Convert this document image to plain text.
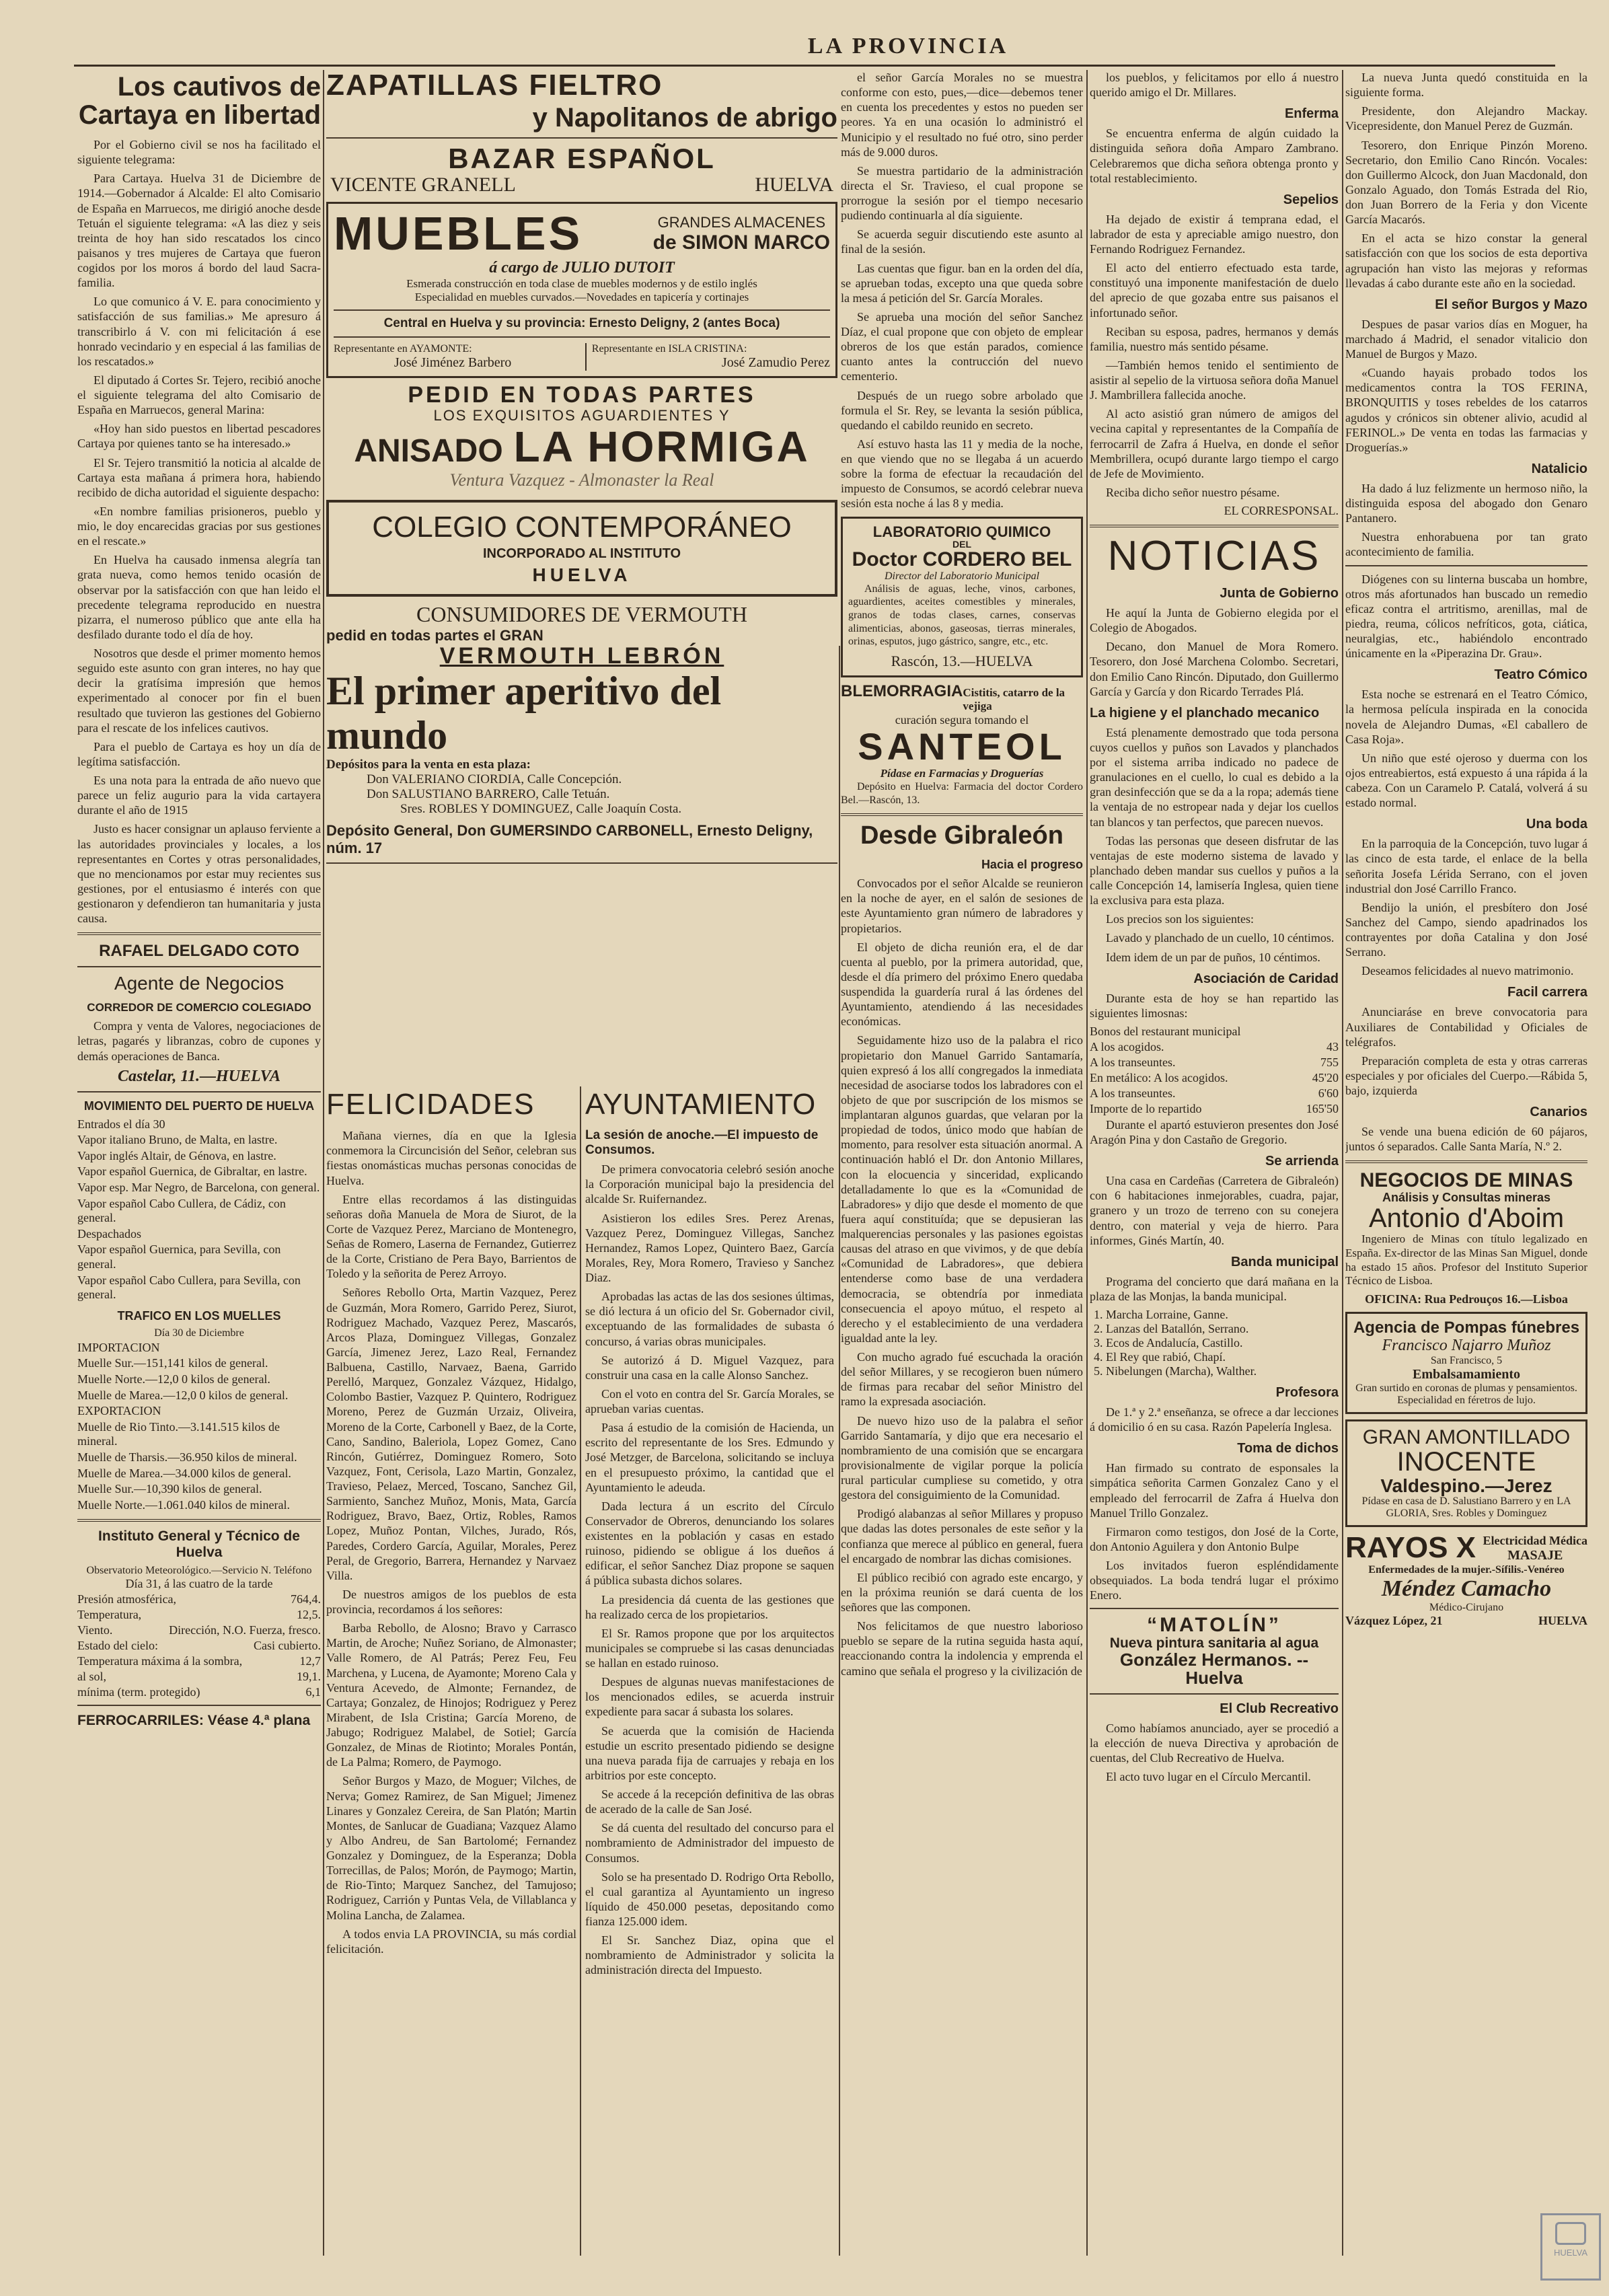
LA PROVINCIA
Los cautivos de Cartaya en libertad

Por el Gobierno civil se nos ha facilitado el siguiente telegrama:

Para Cartaya. Huelva 31 de Diciembre de 1914.—Gobernador á Alcalde: El alto Comisario de España en Marruecos, me dirigió anoche desde Tetuán el siguiente telegrama: «A las diez y seis treinta de hoy han sido rescatados los cinco paisanos y tres mujeres de Cartaya que fueron cogidos por los moros á bordo del laud Sacra-familia.

Lo que comunico á V. E. para conocimiento y satisfacción de sus familias.» Me apresuro á transcribirlo á V. con mi felicitación á ese honrado vecindario y en especial á las familias de los rescatados.»

El diputado á Cortes Sr. Tejero, recibió anoche el siguiente telegrama del alto Comisario de España en Marruecos, general Marina:

«Hoy han sido puestos en libertad pescadores Cartaya por quienes tanto se ha interesado.»

El Sr. Tejero transmitió la noticia al alcalde de Cartaya esta mañana á primera hora, habiendo recibido de dicha autoridad el siguiente despacho:

«En nombre familias prisioneros, pueblo y mio, le doy encarecidas gracias por sus gestiones en el rescate.»

En Huelva ha causado inmensa alegría tan grata nueva, como hemos tenido ocasión de observar por la satisfacción con que han leido el precedente telegrama reproducido en nuestra pizarra, el numeroso público que ante ella ha desfilado durante todo el día de hoy.

Nosotros que desde el primer momento hemos seguido este asunto con gran interes, no hay que decir la gratísima impresión que hemos experimentado al conocer por fin el buen resultado que tuvieron las gestiones del Gobierno para el rescate de los infelices cautivos.

Para el pueblo de Cartaya es hoy un día de legítima satisfacción.

Es una nota para la entrada de año nuevo que parece un feliz augurio para la vida cartayera durante el año de 1915

Justo es hacer consignar un aplauso ferviente a las autoridades provinciales y locales, a los representantes en Cortes y otras personalidades, que no mencionamos por estar muy recientes sus gestiones, por el entusiasmo é interés con que gestionaron y defendieron tan humanitaria y justa causa.

RAFAEL DELGADO COTO
Agente de Negocios
CORREDOR DE COMERCIO COLEGIADO

Compra y venta de Valores, negociaciones de letras, pagarés y libranzas, cobro de cupones y demás operaciones de Banca.

Castelar, 11.—HUELVA
MOVIMIENTO DEL PUERTO DE HUELVA
Entrados el día 30
Vapor italiano Bruno, de Malta, en lastre.
Vapor inglés Altair, de Génova, en lastre.
Vapor español Guernica, de Gibraltar, en lastre.
Vapor esp. Mar Negro, de Barcelona, con general.
Vapor español Cabo Cullera, de Cádiz, con general.
Despachados
Vapor español Guernica, para Sevilla, con general.
Vapor español Cabo Cullera, para Sevilla, con general.
TRAFICO EN LOS MUELLES
Día 30 de Diciembre
IMPORTACION
Muelle Sur.—151,141 kilos de general.
Muelle Norte.—12,0 0 kilos de general.
Muelle de Marea.—12,0 0 kilos de general.
EXPORTACION
Muelle de Rio Tinto.—3.141.515 kilos de mineral.
Muelle de Tharsis.—36.950 kilos de mineral.
Muelle de Marea.—34.000 kilos de general.
Muelle Sur.—10,390 kilos de general.
Muelle Norte.—1.061.040 kilos de mineral.
Instituto General y Técnico de Huelva
Observatorio Meteorológico.—Servicio N. Teléfono
Día 31, á las cuatro de la tarde
Presión atmosférica,	764,4.
Temperatura,	12,5.
Viento.	Dirección, N.O. Fuerza, fresco.
Estado del cielo:	Casi cubierto.
Temperatura máxima á la sombra,	12,7
al sol,	19,1.
mínima (term. protegido)	6,1
FERROCARRILES: Véase 4.ª plana
ZAPATILLAS FIELTRO
y Napolitanos de abrigo
BAZAR ESPAÑOL
VICENTE GRANELL	HUELVA
MUEBLES	GRANDES ALMACENES
de SIMON MARCO
á cargo de JULIO DUTOIT
Esmerada construcción en toda clase de muebles modernos y de estilo inglés
Especialidad en muebles curvados.—Novedades en tapicería y cortinajes
Central en Huelva y su provincia: Ernesto Deligny, 2 (antes Boca)
Representante en AYAMONTE:
José Jiménez Barbero
Representante en ISLA CRISTINA:
José Zamudio Perez
PEDID EN TODAS PARTES
LOS EXQUISITOS AGUARDIENTES Y
ANISADO LA HORMIGA
Ventura Vazquez - Almonaster la Real
COLEGIO CONTEMPORÁNEO
INCORPORADO AL INSTITUTO
HUELVA
CONSUMIDORES DE VERMOUTH
pedid en todas partes el GRAN
VERMOUTH LEBRÓN
El primer aperitivo del mundo
Depósitos para la venta en esta plaza:
Don VALERIANO CIORDIA, Calle Concepción.
Don SALUSTIANO BARRERO, Calle Tetuán.
Sres. ROBLES Y DOMINGUEZ, Calle Joaquín Costa.
Depósito General, Don GUMERSINDO CARBONELL, Ernesto Deligny, núm. 17
FELICIDADES

Mañana viernes, día en que la Iglesia conmemora la Circuncisión del Señor, celebran sus fiestas onomásticas muchas personas conocidas de Huelva.

Entre ellas recordamos á las distinguidas señoras doña Manuela de Mora de Siurot, de la Corte de Vazquez Perez, Marciano de Montenegro, Señas de Romero, Laserna de Fernandez, Gutierrez de la Corte, Cristiano de Pera Bayo, Barrientos de Toledo y la señorita de Perez Arroyo.

Señores Rebollo Orta, Martin Vazquez, Perez de Guzmán, Mora Romero, Garrido Perez, Siurot, Rodriguez Machado, Vazquez Perez, Mascarós, Arcos Plaza, Dominguez Villegas, Gonzalez García, Jimenez Jerez, Lazo Real, Fernandez Balbuena, Castillo, Narvaez, Baena, Garrido Perelló, Marquez, Gonzalez Vázquez, Hidalgo, Colombo Bastier, Vazquez P. Quintero, Rodriguez Moreno, Perez de Guzmán Urzaiz, Oliveira, Moreno de la Corte, Carbonell y Baez, de la Corte, Cano, Sandino, Baleriola, Lopez Gomez, Cano Rincón, Gutiérrez, Dominguez Romero, Soto Vazquez, Font, Cerisola, Lazo Martin, Gonzalez, Travieso, Pelaez, Merced, Toscano, Sanchez Gil, Sarmiento, Sanchez Muñoz, Monis, Mata, García Rodriguez, Bravo, Baez, Ortiz, Robles, Ramos Lopez, Muñoz Pontan, Vilches, Jurado, Rós, Paredes, Cordero García, Aguilar, Morales, Perez Peral, de Gregorio, Barrera, Hernandez y Narvaez Villa.

De nuestros amigos de los pueblos de esta provincia, recordamos á los señores:

Barba Rebollo, de Alosno; Bravo y Carrasco Martin, de Aroche; Nuñez Soriano, de Almonaster; Valle Romero, de Al Patrás; Perez Feu, Feu Marchena, y Lucena, de Ayamonte; Moreno Cala y Ventura Acevedo, de Almonte; Fernandez, de Cartaya; Gonzalez, de Hinojos; Rodriguez y Perez Mirabent, de Isla Cristina; García Moreno, de Jabugo; Rodriguez Malabel, de Sotiel; García Gonzalez, de Minas de Riotinto; Morales Pontán, de La Palma; Romero, de Paymogo.

Señor Burgos y Mazo, de Moguer; Vilches, de Nerva; Gomez Ramirez, de San Miguel; Jimenez Linares y Gonzalez Cereira, de San Platón; Martin Montes, de Sanlucar de Guadiana; Vazquez Alamo y Albo Andreu, de San Bartolomé; Fernandez Gonzalez y Dominguez, de la Esperanza; Dobla Torrecillas, de Palos; Morón, de Paymogo; Martin, de Rio-Tinto; Marquez Sanchez, del Tamujoso; Rodriguez, Carrión y Puntas Vela, de Villablanca y Molina Lancha, de Zalamea.

A todos envia LA PROVINCIA, su más cordial felicitación.

AYUNTAMIENTO
La sesión de anoche.—El impuesto de Consumos.

De primera convocatoria celebró sesión anoche la Corporación municipal bajo la presidencia del alcalde Sr. Ruifernandez.

Asistieron los ediles Sres. Perez Arenas, Vazquez Perez, Dominguez Villegas, Sanchez Hernandez, Ramos Lopez, Quintero Baez, García Morales, Rey, Mora Romero, Travieso y Sanchez Diaz.

Aprobadas las actas de las dos sesiones últimas, se dió lectura á un oficio del Sr. Gobernador civil, exceptuando de las formalidades de subasta ó concurso, á varias obras municipales.

Se autorizó á D. Miguel Vazquez, para construir una casa en la calle Alonso Sanchez.

Con el voto en contra del Sr. García Morales, se aprueban varias cuentas.

Pasa á estudio de la comisión de Hacienda, un escrito del representante de los Sres. Edmundo y José Metzger, de Barcelona, solicitando se incluya en el presupuesto próximo, la cantidad que el Ayuntamiento le adeuda.

Dada lectura á un escrito del Círculo Conservador de Obreros, denunciando los solares existentes en la población y casas en estado ruinoso, pidiendo se obligue á los dueños á edificar, el señor Sanchez Diaz propone se saquen á pública subasta dichos solares.

La presidencia dá cuenta de las gestiones que ha realizado cerca de los propietarios.

El Sr. Ramos propone que por los arquitectos municipales se compruebe si las casas denunciadas se hallan en estado ruinoso.

Despues de algunas nuevas manifestaciones de los mencionados ediles, se acuerda instruir expediente para sacar á subasta los solares.

Se acuerda que la comisión de Hacienda estudie un escrito presentado pidiendo se designe una nueva parada fija de carruajes y rebaja en los arbitrios por este concepto.

Se accede á la recepción definitiva de las obras de acerado de la calle de San José.

Se dá cuenta del resultado del concurso para el nombramiento de Administrador del impuesto de Consumos.

Solo se ha presentado D. Rodrigo Orta Rebollo, el cual garantiza al Ayuntamiento un ingreso líquido de 450.000 pesetas, depositando como fianza 125.000 idem.

El Sr. Sanchez Diaz, opina que el nombramiento de Administrador y solicita la administración directa del Impuesto.

el señor García Morales no se muestra conforme con esto, pues,—dice—debemos tener en cuenta los precedentes y estos no pueden ser peores. Ya en una ocasión lo administró el Municipio y el resultado no fué otro, sino perder más de 9.000 duros.

Se muestra partidario de la administración directa el Sr. Travieso, el cual propone se prorrogue la sesión por el tiempo necesario pudiendo continuarla al día siguiente.

Se acuerda seguir discutiendo este asunto al final de la sesión.

Las cuentas que figur. ban en la orden del día, se aprueban todas, excepto una que queda sobre la mesa á petición del Sr. García Morales.

Se aprueba una moción del señor Sanchez Díaz, el cual propone que con objeto de emplear obreros de los que están parados, comience cuanto antes la contrucción del nuevo cementerio.

Después de un ruego sobre arbolado que formula el Sr. Rey, se levanta la sesión pública, quedando el cabildo reunido en secreto.

Así estuvo hasta las 11 y media de la noche, en que viendo que no se llegaba á un acuerdo sobre la forma de efectuar la recaudación del impuesto de Consumos, se acordó celebrar nueva sesión esta noche á las 8 y media.

LABORATORIO QUIMICO
DEL
Doctor CORDERO BEL
Director del Laboratorio Municipal

Análisis de aguas, leche, vinos, carbones, aguardientes, aceites comestibles y minerales, granos de todas clases, carnes, conservas alimenticias, abonos, gaseosas, tierras minerales, orinas, esputos, jugo gástrico, sangre, etc., etc.

Rascón, 13.—HUELVA
BLEMORRAGIA Cistitis, catarro de la vejiga
curación segura tomando el
SANTEOL
Pídase en Farmacias y Droguerías

Depósito en Huelva: Farmacia del doctor Cordero Bel.—Rascón, 13.

Desde Gibraleón
Hacia el progreso

Convocados por el señor Alcalde se reunieron en la noche de ayer, en el salón de sesiones de este Ayuntamiento gran número de labradores y propietarios.

El objeto de dicha reunión era, el de dar cuenta al pueblo, por la primera autoridad, que, desde el día primero del próximo Enero quedaba suspendida la guardería rural á las órdenes del Ayuntamiento, atendiendo á las necesidades económicas.

Seguidamente hizo uso de la palabra el rico propietario don Manuel Garrido Santamaría, quien expresó á los allí congregados la inmediata necesidad de asociarse todos los labradores con el objeto de que por suscripción de los mismos se implantaran algunos guardas, que velaran por la propiedad de todos, único modo que habían de momento, para resolver esta situación anormal. A continuación habló el Dr. don Antonio Millares, con la elocuencia y sinceridad, explicando detalladamente lo que es la «Comunidad de Labradores» y dijo que desde el momento de que fuera aquí constituída; que se depusieran las malquerencias personales y las pasiones egoistas causas del atraso en que vivimos, y de que debía «Comunidad de Labradores», que debiera entenderse como base de una verdadera democracia, se obtendría por inmediata consecuencia el apoyo mútuo, el respeto al derecho y el establecimiento de una verdadera igualdad ante la ley.

Con mucho agrado fué escuchada la oración del señor Millares, y se recogieron buen número de firmas para recabar del señor Ministro del ramo la expresada asociación.

De nuevo hizo uso de la palabra el señor Garrido Santamaría, y dijo que era necesario el nombramiento de una comisión que se encargara provisionalmente de vigilar porque la policía rural particular cumpliese su cometido, y otra gestora del consiguimiento de la Comunidad.

Prodigó alabanzas al señor Millares y propuso que dadas las dotes personales de este señor y la confianza que merece al público en general, fuera el encargado de nombrar las dichas comisiones.

El público recibió con agrado este encargo, y en la próxima reunión se dará cuenta de los señores que las componen.

Nos felicitamos de que nuestro laborioso pueblo se separe de la rutina seguida hasta aquí, reaccionando contra la indolencia y emprenda el camino que señala el progreso y la civilización de

los pueblos, y felicitamos por ello á nuestro querido amigo el Dr. Millares.

Enferma

Se encuentra enferma de algún cuidado la distinguida señora doña Amparo Zambrano. Celebraremos que dicha señora obtenga pronto y total restablecimiento.

Sepelios

Ha dejado de existir á temprana edad, el labrador de esta y apreciable amigo nuestro, don Fernando Rodriguez Fernandez.

El acto del entierro efectuado esta tarde, constituyó una imponente manifestación de duelo del aprecio de que gozaba entre sus paisanos el infortunado señor.

Reciban su esposa, padres, hermanos y demás familia, nuestro más sentido pésame.

—También hemos tenido el sentimiento de asistir al sepelio de la virtuosa señora doña Manuel J. Mambrillera fallecida anoche.

Al acto asistió gran número de amigos del vecina capital y representantes de la Compañía de ferrocarril de Zafra á Huelva, en donde el señor Membrillera, ocupó durante largo tiempo el cargo de Jefe de Movimiento.

Reciba dicho señor nuestro pésame.

EL CORRESPONSAL.
NOTICIAS
Junta de Gobierno

He aquí la Junta de Gobierno elegida por el Colegio de Abogados.

Decano, don Manuel de Mora Romero. Tesorero, don José Marchena Colombo. Secretari, don Emilio Cano Rincón. Diputado, don Guillermo García y García y don Ricardo Terrades Plá.

La higiene y el planchado mecanico

Está plenamente demostrado que toda persona cuyos cuellos y puños son Lavados y planchados por el sistema arriba indicado no padece de granulaciones en el cuello, lo cual es debido a la gran desinfección que se da a la ropa; además tiene la ventaja de no estropear nada y dejar los cuellos tan blancos y tan perfectos, que parecen nuevos.

Todas las personas que deseen disfrutar de las ventajas de este moderno sistema de lavado y planchado deben mandar sus cuellos y puños a la calle Concepción 14, lamisería Inglesa, quien tiene la exclusiva para esta plaza.

Los precios son los siguientes:

Lavado y planchado de un cuello, 10 céntimos.

Idem idem de un par de puños, 10 céntimos.

Asociación de Caridad

Durante esta de hoy se han repartido las siguientes limosnas:

Bonos del restaurant municipal
A los acogidos.	43
A los transeuntes.	755
En metálico: A los acogidos.	45'20
A los transeuntes.	6'60
Importe de lo repartido	165'50

Durante el apartó estuvieron presentes don José Aragón Pina y don Castaño de Gregorio.

Se arrienda

Una casa en Cardeñas (Carretera de Gibraleón) con 6 habitaciones inmejorables, cuadra, pajar, granero y un trozo de terreno con su conejera dentro, con material y veja de hierro. Para informes, Ginés Martín, 40.

Banda municipal

Programa del concierto que dará mañana en la plaza de las Monjas, la banda municipal.

1. Marcha Lorraine, Ganne.
2. Lanzas del Batallón, Serrano.
3. Ecos de Andalucía, Castillo.
4. El Rey que rabió, Chapí.
5. Nibelungen (Marcha), Walther.
Profesora

De 1.ª y 2.ª enseñanza, se ofrece a dar lecciones á domicilio ó en su casa. Razón Papelería Inglesa.

Toma de dichos

Han firmado su contrato de esponsales la simpática señorita Carmen Gonzalez Cano y el empleado del ferrocarril de Zafra á Huelva don Manuel Trillo Gonzalez.

Firmaron como testigos, don José de la Corte, don Antonio Aguilera y don Antonio Bulpe

Los invitados fueron espléndidamente obsequiados. La boda tendrá lugar el próximo Enero.

“MATOLÍN”
Nueva pintura sanitaria al agua
González Hermanos. -- Huelva
El Club Recreativo

Como habíamos anunciado, ayer se procedió a la elección de nueva Directiva y aprobación de cuentas, del Club Recreativo de Huelva.

El acto tuvo lugar en el Círculo Mercantil.

La nueva Junta quedó constituida en la siguiente forma.

Presidente, don Alejandro Mackay. Vicepresidente, don Manuel Perez de Guzmán.

Tesorero, don Enrique Pinzón Moreno. Secretario, don Emilio Cano Rincón. Vocales: don Guillermo Alcock, don Juan Macdonald, don Gonzalo Aguado, don Tomás Estrada del Rio, don Juan Borrero de la Feria y don Vicente García Macarós.

En el acta se hizo constar la general satisfacción con que los socios de esta deportiva agrupación han visto las mejoras y reformas llevadas á cabo durante este año en la sociedad.

El señor Burgos y Mazo

Despues de pasar varios días en Moguer, ha marchado á Madrid, el senador vitalicio don Manuel de Burgos y Mazo.

«Cuando hayais probado todos los medicamentos contra la TOS FERINA, BRONQUITIS y toses rebeldes de los catarros agudos y crónicos sin obtener alivio, acudid al FERINOL.» De venta en todas las farmacias y Droguerías.»

Natalicio

Ha dado á luz felizmente un hermoso niño, la distinguida esposa del abogado don Genaro Pantanero.

Nuestra enhorabuena por tan grato acontecimiento de familia.

Diógenes con su linterna buscaba un hombre, otros más afortunados han buscado un remedio eficaz contra el artritismo, arenillas, mal de piedra, reuma, cólicos nefríticos, gota, ciática, neuralgias, etc., habiéndolo encontrado únicamente en la «Piperazina Dr. Grau».

Teatro Cómico

Esta noche se estrenará en el Teatro Cómico, la hermosa película inspirada en la conocida novela de Alejandro Dumas, «El caballero de Casa Roja».

Un niño que esté ojeroso y duerma con los ojos entreabiertos, está expuesto á una rápida á la cabeza. Con un Caramelo P. Catalá, volverá á su estado normal.

Una boda

En la parroquia de la Concepción, tuvo lugar á las cinco de esta tarde, el enlace de la bella señorita Josefa Lérida Serrano, con el joven industrial don José Carrillo Franco.

Bendijo la unión, el presbítero don José Sanchez del Campo, siendo apadrinados los contrayentes por doña Catalina y don José Serrano.

Deseamos felicidades al nuevo matrimonio.

Facil carrera

Anunciaráse en breve convocatoria para Auxiliares de Contabilidad y Oficiales de telégrafos.

Preparación completa de esta y otras carreras especiales y por oficiales del Cuerpo.—Rábida 5, bajo, izquierda

Canarios

Se vende una buena edición de 60 pájaros, juntos ó separados. Calle Santa María, N.º 2.

NEGOCIOS DE MINAS
Análisis y Consultas mineras
Antonio d'Aboim

Ingeniero de Minas con título legalizado en España. Ex-director de las Minas San Miguel, donde ha estado 15 años. Profesor del Instituto Superior Técnico de Lisboa.

OFICINA: Rua Pedrouços 16.—Lisboa
Agencia de Pompas fúnebres
Francisco Najarro Muñoz
San Francisco, 5
Embalsamamiento
Gran surtido en coronas de plumas y pensamientos.
Especialidad en féretros de lujo.
GRAN AMONTILLADO
INOCENTE
Valdespino.—Jerez
Pídase en casa de D. Salustiano Barrero y en LA GLORIA, Sres. Robles y Dominguez
RAYOS X Electricidad Médica
MASAJE
Enfermedades de la mujer.-Sífilis.-Venéreo
Méndez Camacho
Médico-Cirujano
Vázquez López, 21	HUELVA
HUELVA
